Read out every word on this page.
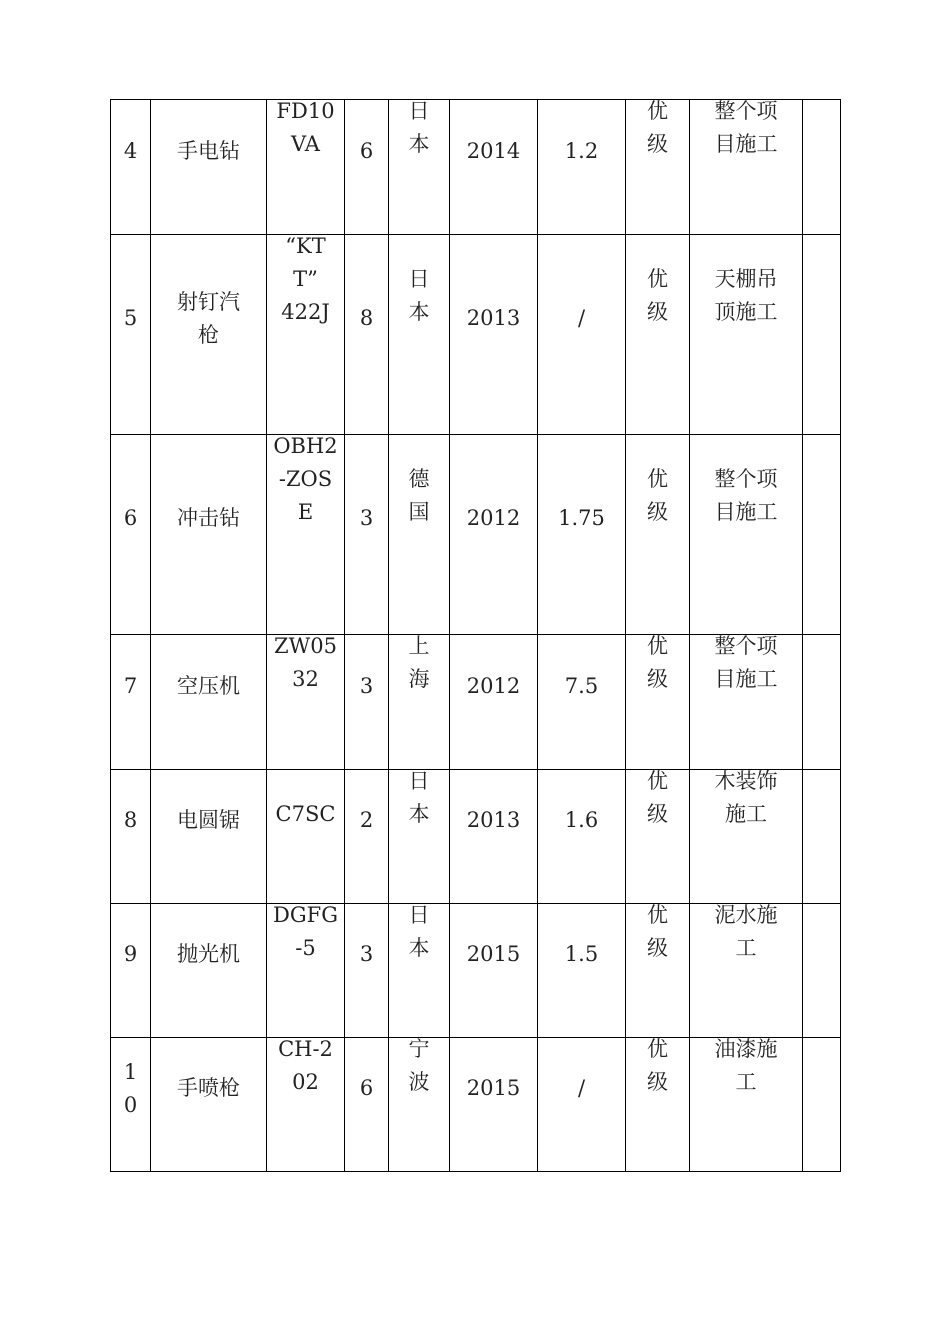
4	手电钻	FD10
VA	6	日
本	2014	1.2	优
级	整个项
目施工	

5	射钉汽
枪	“KT
T”
422J	8	日
本	2013	/	优
级	天棚吊
顶施工	

6	冲击钻	OBH2
-ZOS
E	3	德
国	2012	1.75	优
级	整个项
目施工	

7	空压机	ZW05
32	3	上
海	2012	7.5	优
级	整个项
目施工	

8	电圆锯	C7SC	2	日
本	2013	1.6	优
级	木装饰
施工	

9	抛光机	DGFG
-5	3	日
本	2015	1.5	优
级	泥水施
工	

1
0	手喷枪	CH-2
02	6	宁
波	2015	/	优
级	油漆施
工	
